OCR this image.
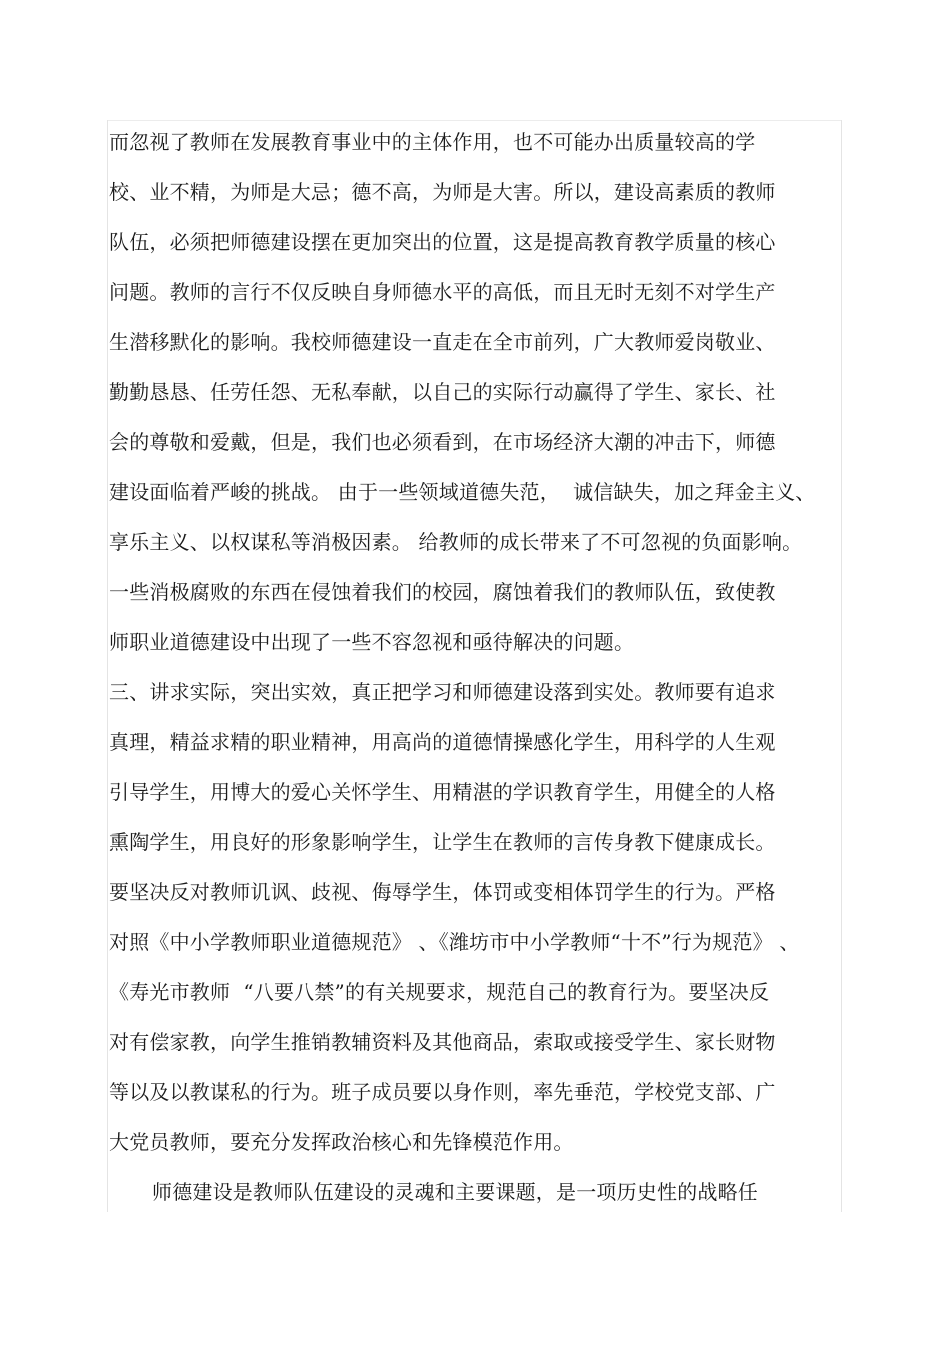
而忽视了教师在发展教育事业中的主体作用，也不可能办出质量较高的学
校、业不精，为师是大忌；德不高，为师是大害。所以，建设高素质的教师
队伍，必须把师德建设摆在更加突出的位置，这是提高教育教学质量的核心
问题。教师的言行不仅反映自身师德水平的高低，而且无时无刻不对学生产
生潜移默化的影响。我校师德建设一直走在全市前列，广大教师爱岗敬业、
勤勤恳恳、任劳任怨、无私奉献，以自己的实际行动赢得了学生、家长、社
会的尊敬和爱戴，但是，我们也必须看到，在市场经济大潮的冲击下，师德
建设面临着严峻的挑战。 由于一些领域道德失范，  诚信缺失，加之拜金主义、
享乐主义、以权谋私等消极因素。 给教师的成长带来了不可忽视的负面影响。
一些消极腐败的东西在侵蚀着我们的校园，腐蚀着我们的教师队伍，致使教
师职业道德建设中出现了一些不容忽视和亟待解决的问题。
三、讲求实际，突出实效，真正把学习和师德建设落到实处。教师要有追求
真理，精益求精的职业精神，用高尚的道德情操感化学生，用科学的人生观
引导学生，用博大的爱心关怀学生、用精湛的学识教育学生，用健全的人格
熏陶学生，用良好的形象影响学生，让学生在教师的言传身教下健康成长。
要坚决反对教师讥讽、歧视、侮辱学生，体罚或变相体罚学生的行为。严格
对照《中小学教师职业道德规范》 、《潍坊市中小学教师“十不”行为规范》 、
《寿光市教师  “八要八禁”的有关规要求，规范自己的教育行为。要坚决反
对有偿家教，向学生推销教辅资料及其他商品，索取或接受学生、家长财物
等以及以教谋私的行为。班子成员要以身作则，率先垂范，学校党支部、广
大党员教师，要充分发挥政治核心和先锋模范作用。
师德建设是教师队伍建设的灵魂和主要课题，是一项历史性的战略任
